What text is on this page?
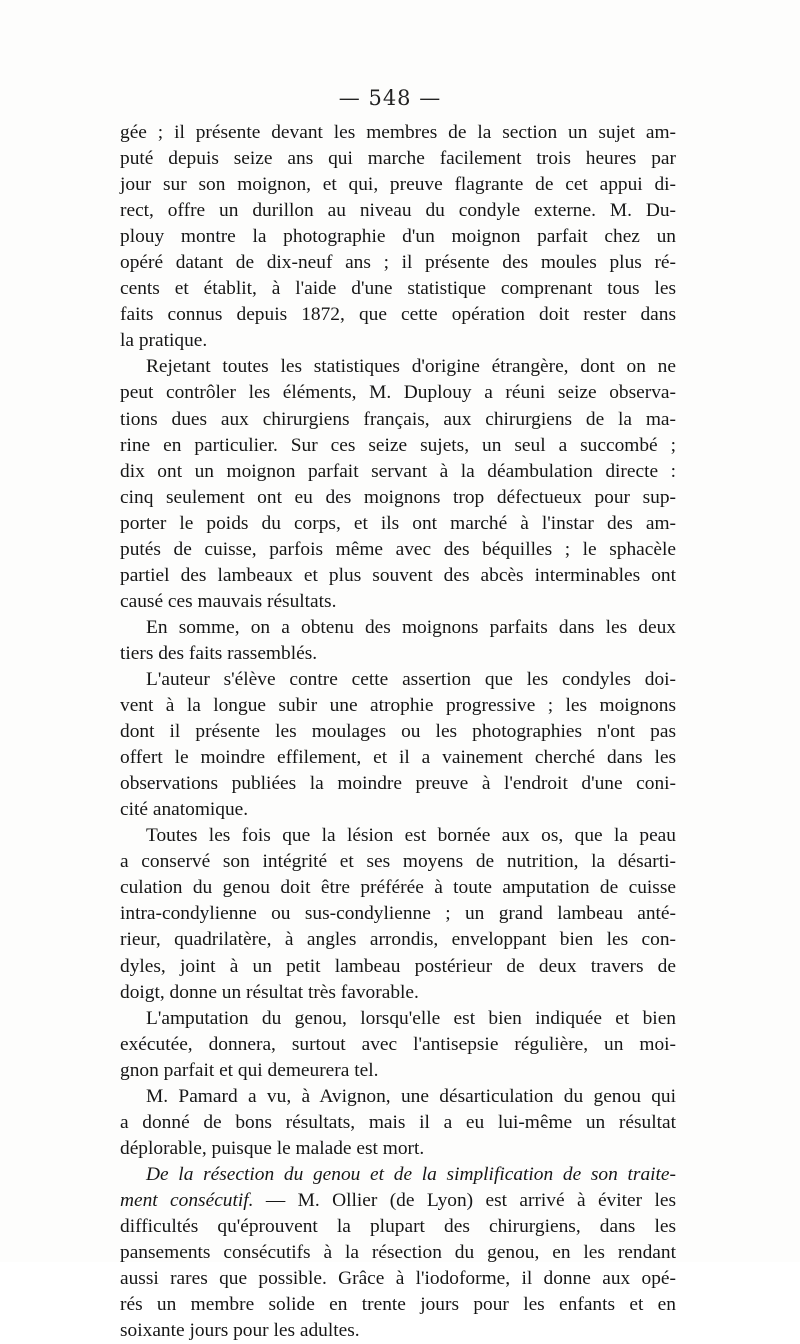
— 548 —
gée ; il présente devant les membres de la section un sujet am-
puté depuis seize ans qui marche facilement trois heures par
jour sur son moignon, et qui, preuve flagrante de cet appui di-
rect, offre un durillon au niveau du condyle externe. M. Du-
plouy montre la photographie d'un moignon parfait chez un
opéré datant de dix-neuf ans ; il présente des moules plus ré-
cents et établit, à l'aide d'une statistique comprenant tous les
faits connus depuis 1872, que cette opération doit rester dans
la pratique.
Rejetant toutes les statistiques d'origine étrangère, dont on ne
peut contrôler les éléments, M. Duplouy a réuni seize observa-
tions dues aux chirurgiens français, aux chirurgiens de la ma-
rine en particulier. Sur ces seize sujets, un seul a succombé ;
dix ont un moignon parfait servant à la déambulation directe :
cinq seulement ont eu des moignons trop défectueux pour sup-
porter le poids du corps, et ils ont marché à l'instar des am-
putés de cuisse, parfois même avec des béquilles ; le sphacèle
partiel des lambeaux et plus souvent des abcès interminables ont
causé ces mauvais résultats.
En somme, on a obtenu des moignons parfaits dans les deux
tiers des faits rassemblés.
L'auteur s'élève contre cette assertion que les condyles doi-
vent à la longue subir une atrophie progressive ; les moignons
dont il présente les moulages ou les photographies n'ont pas
offert le moindre effilement, et il a vainement cherché dans les
observations publiées la moindre preuve à l'endroit d'une coni-
cité anatomique.
Toutes les fois que la lésion est bornée aux os, que la peau
a conservé son intégrité et ses moyens de nutrition, la désarti-
culation du genou doit être préférée à toute amputation de cuisse
intra-condylienne ou sus-condylienne ; un grand lambeau anté-
rieur, quadrilatère, à angles arrondis, enveloppant bien les con-
dyles, joint à un petit lambeau postérieur de deux travers de
doigt, donne un résultat très favorable.
L'amputation du genou, lorsqu'elle est bien indiquée et bien
exécutée, donnera, surtout avec l'antisepsie régulière, un moi-
gnon parfait et qui demeurera tel.
M. Pamard a vu, à Avignon, une désarticulation du genou qui
a donné de bons résultats, mais il a eu lui-même un résultat
déplorable, puisque le malade est mort.
De la résection du genou et de la simplification de son traite-
ment consécutif. — M. Ollier (de Lyon) est arrivé à éviter les
difficultés qu'éprouvent la plupart des chirurgiens, dans les
pansements consécutifs à la résection du genou, en les rendant
aussi rares que possible. Grâce à l'iodoforme, il donne aux opé-
rés un membre solide en trente jours pour les enfants et en
soixante jours pour les adultes.
